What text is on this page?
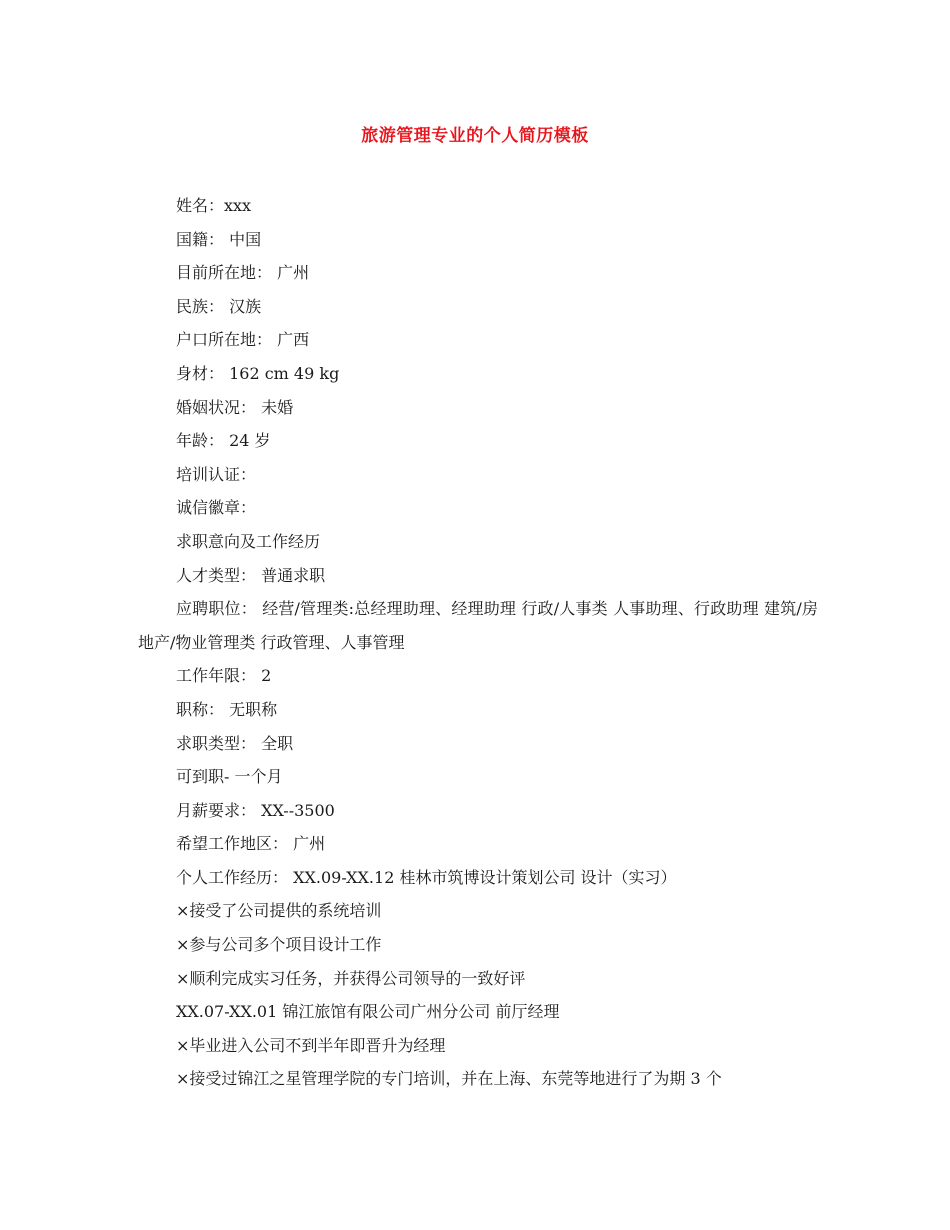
旅游管理专业的个人简历模板
姓名：xxx
国籍： 中国
目前所在地： 广州
民族： 汉族
户口所在地： 广西
身材： 162 cm 49 kg
婚姻状况： 未婚
年龄： 24 岁
培训认证：
诚信徽章：
求职意向及工作经历
人才类型： 普通求职
应聘职位： 经营/管理类:总经理助理、经理助理 行政/人事类 人事助理、行政助理 建筑/房地产/物业管理类 行政管理、人事管理
工作年限： 2
职称： 无职称
求职类型： 全职
可到职- 一个月
月薪要求： XX--3500
希望工作地区： 广州
个人工作经历： XX.09-XX.12 桂林市筑博设计策划公司 设计（实习）
×接受了公司提供的系统培训
×参与公司多个项目设计工作
×顺利完成实习任务，并获得公司领导的一致好评
XX.07-XX.01 锦江旅馆有限公司广州分公司 前厅经理
×毕业进入公司不到半年即晋升为经理
×接受过锦江之星管理学院的专门培训，并在上海、东莞等地进行了为期 3 个
